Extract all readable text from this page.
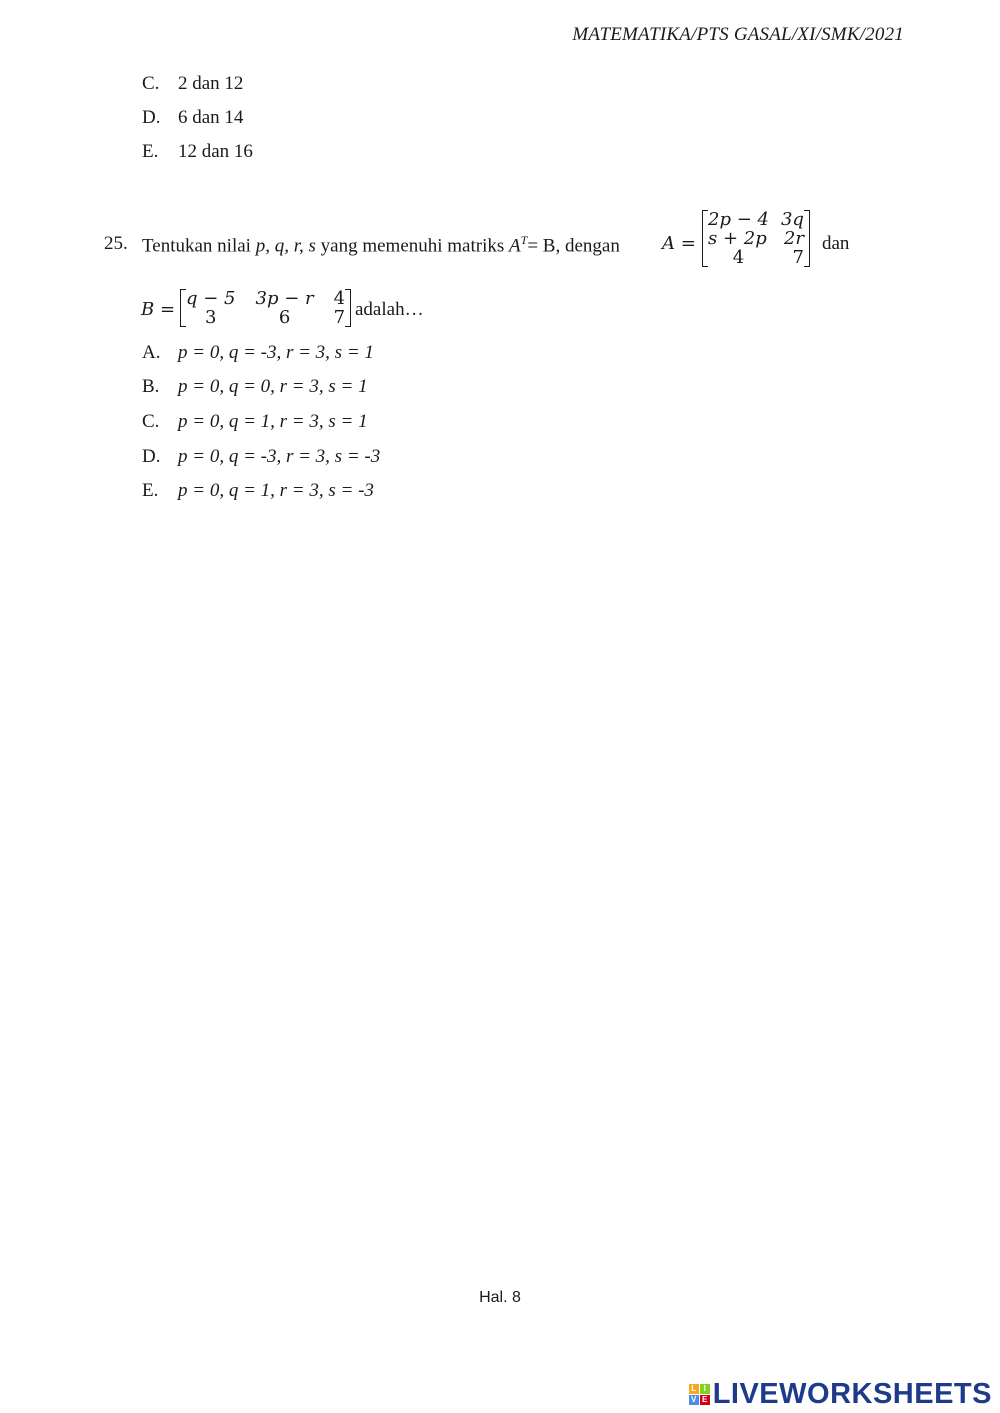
MATEMATIKA/PTS GASAL/XI/SMK/2021
C. 2 dan 12
D. 6 dan 14
E. 12 dan 16
25. Tentukan nilai p, q, r, s yang memenuhi matriks $A^T= B$, dengan A =
2p − 4	3q
s + 2p	2r
4	7
dan
B =
q − 5	3p − r	4
3	6	7 adalah…
A. p = 0, q = -3, r = 3, s = 1
B. p = 0, q = 0, r = 3, s = 1
C. p = 0, q = 1, r = 3, s = 1
D. p = 0, q = -3, r = 3, s = -3
E. p = 0, q = 1, r = 3, s = -3
Hal. 8
L I
V E LIVEWORKSHEETS
